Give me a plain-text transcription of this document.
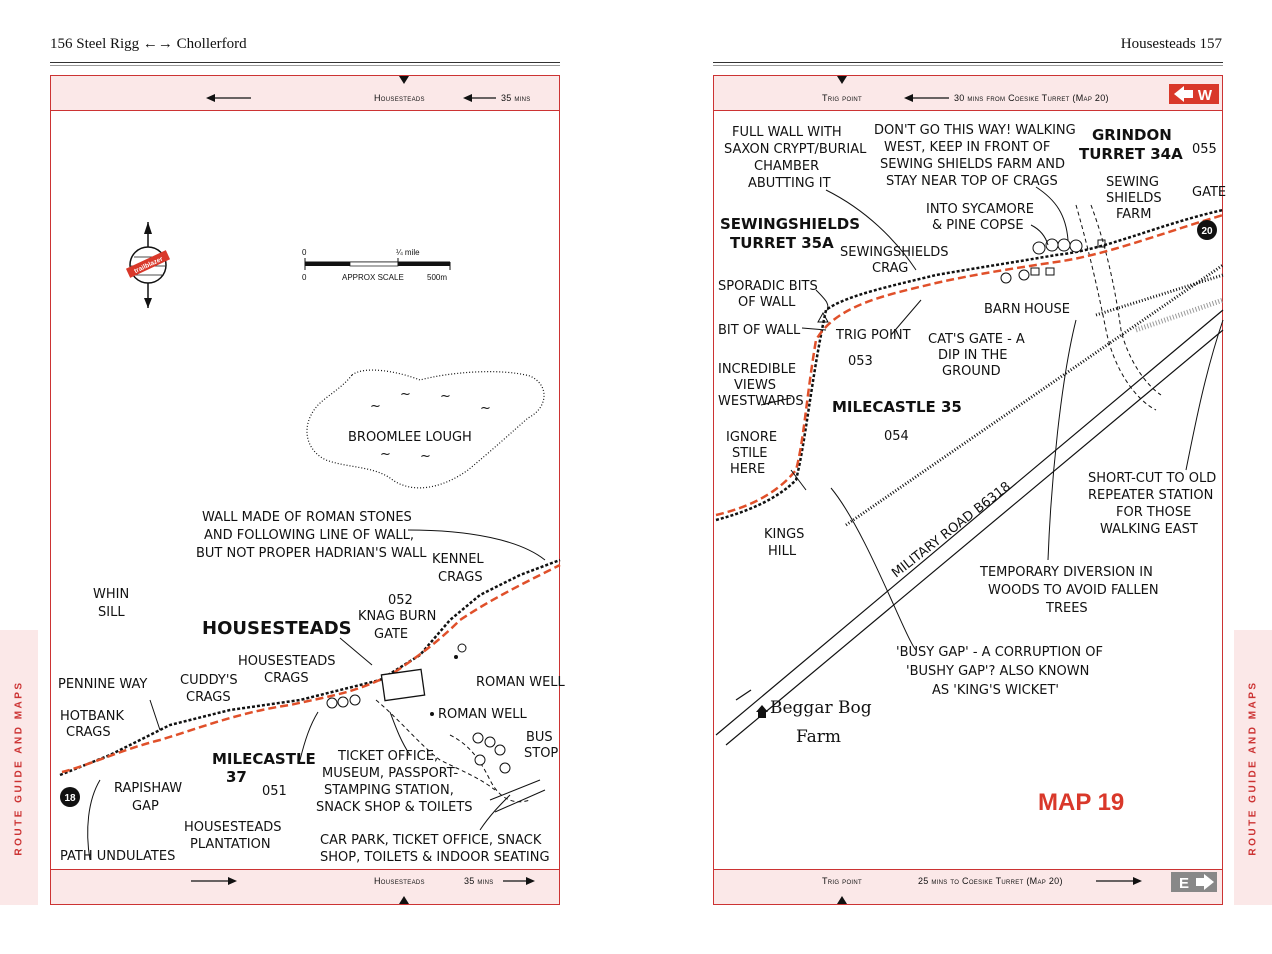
156 Steel Rigg ←→ Chollerford
Housesteads	35 mins
Housesteads	35 mins
trailblazer
0	¼ mile
0	APPROX SCALE	500m
~ ~
~	~
~
~
BROOMLEE LOUGH
18
WALL MADE OF ROMAN STONES
AND FOLLOWING LINE OF WALL,
BUT NOT PROPER HADRIAN'S WALL KENNEL
CRAGS
WHIN
SILL
HOUSESTEADS
052
KNAG BURN
GATE
HOUSESTEADS
CRAGS
CUDDY'S
CRAGS
PENNINE WAY
HOTBANK
CRAGS
ROMAN WELL
ROMAN WELL
BUS
STOP
MILECASTLE
37
051
RAPISHAW
GAP
TICKET OFFICE,
MUSEUM, PASSPORT-
STAMPING STATION,
SNACK SHOP & TOILETS
HOUSESTEADS
PLANTATION	CAR PARK, TICKET OFFICE, SNACK
SHOP, TOILETS & INDOOR SEATING
PATH UNDULATES
ROUTE GUIDE AND MAPS
Housesteads 157
W
Trig point	30 mins from Coesike Turret (Map 20)
E
Trig point	25 mins to Coesike Turret (Map 20)
20
FULL WALL WITH
SAXON CRYPT/BURIAL
CHAMBER
ABUTTING IT
DON'T GO THIS WAY! WALKING
WEST, KEEP IN FRONT OF
SEWING SHIELDS FARM AND
STAY NEAR TOP OF CRAGS
GRINDON
TURRET 34A 055
SEWING
SHIELDS
FARM
GATE
INTO SYCAMORE
& PINE COPSE
SEWINGSHIELDS
TURRET 35A
SEWINGSHIELDS
CRAG
SPORADIC BITS
OF WALL	BARN HOUSE
BIT OF WALL	TRIG POINT
053
CAT'S GATE - A
DIP IN THE
GROUND
INCREDIBLE
VIEWS
WESTWARDS MILECASTLE 35
054
IGNORE
STILE
HERE
SHORT-CUT TO OLD
REPEATER STATION
FOR THOSE
WALKING EAST
KINGS
HILL	MILITARY ROAD B6318
TEMPORARY DIVERSION IN
WOODS TO AVOID FALLEN
TREES
'BUSY GAP' - A CORRUPTION OF
'BUSHY GAP'? ALSO KNOWN
AS 'KING'S WICKET'
Beggar Bog
Farm
MAP 19	ROUTE GUIDE AND MAPS
